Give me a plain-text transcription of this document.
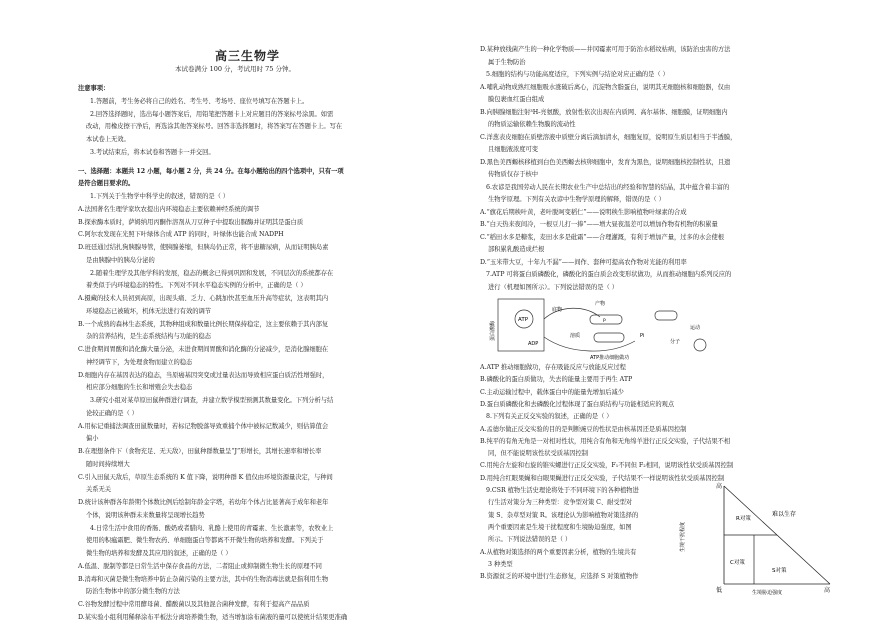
高三生物学
本试卷满分 100 分，考试用时 75 分钟。
注意事项：
1.答题前，考生务必将自己的姓名、考生号、考场号、座位号填写在答题卡上。
2.回答选择题时，选出每小题答案后，用铅笔把答题卡上对应题目的答案标号涂黑。如需
改动，用橡皮擦干净后，再选涂其他答案标号。回答非选择题时，将答案写在答题卡上。写在
本试卷上无效。
3.考试结束后，将本试卷和答题卡一并交回。
一、选择题：本题共 12 小题，每小题 2 分，共 24 分。在每小题给出的四个选项中，只有一项
是符合题目要求的。
1.下列关于生物学中科学史的叙述，错误的是（ ）
A.法国著名生理学家坎农提出内环境稳态主要依赖神经系统的调节
B.探索酶本质时，萨姆纳用丙酮作溶剂从刀豆种子中提取出脲酶并证明其是蛋白质
C.阿尔农发现在光照下叶绿体合成 ATP 的同时，叶绿体也能合成 NADPH
D.班廷通过结扎狗胰腺导管，使胰腺萎缩，但胰岛仍正常，将不患糖尿病，从而证明胰岛素
是由胰腺中的胰岛分泌的
2.随着生理学及其他学科的发展，稳态的概念已得到巩固和发展，不同层次的系统都存在
着类似于内环境稳态的特性。下列对不同水平稳态实例的分析中，正确的是（ ）
A.摄藏的技术人员初到高原，出现头痛、乏力、心跳加快甚至血压升高等症状，这表明其内
环境稳态已被破坏，机体无法进行有效的调节
B.一个成熟的森林生态系统，其物种组成和数量比例长期保持稳定，这主要依赖于其内部复
杂的营养结构，是生态系统结构与功能的稳态
C.进食期间胃酸和消化酶大量分泌，未进食期间胃酸和消化酶的分泌减少，是消化腺细胞在
神经调节下，为处理食物而建立的稳态
D.细胞内存在基因表达的稳态，当原癌基因突变或过量表达而导致相应蛋白质活性增强时，
相应部分细胞的生长和增殖会失去稳态
3.研究小组对某草原田鼠种群进行调查，并建立数学模型预测其数量变化。下列分析与结
论较正确的是（ ）
A.用标记重捕法调查田鼠数量时，若标记物脱落导致重捕个体中被标记数减少，则估算值会
偏小
B.在理想条件下（食物充足、无天敌），田鼠种群数量呈“J”形增长，其增长速率和增长率
随时间持续增大
C.引入田鼠天敌后，草原生态系统的 K 值下降，说明种群 K 值仅由环境资源量决定，与种间
关系无关
D.统计该种群各年龄期个体数比例后绘制年龄金字塔，若幼年个体占比显著高于成年和老年
个体，说明该种群未来数量将呈现增长趋势
4.日常生活中食用的香肠、酸奶或者腊肉、乳酪上使用的青霉素、生长激素等，农牧业上
使用的积瘟霜肥、微生物农药、单细胞蛋白等都离不开微生物的培养和发酵。下列关于
微生物的培养和发酵及其应用的叙述，正确的是（ ）
A.低温、脱制等都是日常生活中保存食品的方法，二者阻止或抑制微生物生长的原理不同
B.消毒和灭菌是微生物培养中防止杂菌污染的主要方法，其中的生物消毒法就是指利用生物
防治生物体中的部分微生物的方法
C.谷物发酵过程中常用酵母菌、醋酸菌以及其他混合菌种发酵，有利于提高产品品质
D.某实验小组利用稀释涂布平板法分离培养微生物，适当增加涂布菌液的量可以使统计结果更准确
D.某种放线菌产生的一种化学物质——井冈霉素可用于防治水稻纹枯病，该防治虫害的方法
属于生物防治
5.细胞的结构与功能高度适应，下列实例与结论对应正确的是（ ）
A.哺乳动物成熟红细胞吸水涨破后离心，沉淀物含脂蛋白，说明其无细胞核和细胞器，仅由
膜包裹血红蛋白组成
B.向胰腺细胞注射³H-亮氨酸，放射性依次出现在内质网、高尔基体、细胞膜，证明细胞内
的物质运输依赖生物膜的流动性
C.洋葱表皮细胞在质壁溶液中质壁分离后滴加清水，细胞复原，说明原生质层相当于半透膜，
且细胞液浓度可变
D.黑色美西螈核移植到白色美西螈去核卵细胞中，发育为黑色，说明细胞核控制性状，且遗
传物质仅存于核中
6.农谚是我国劳动人民在长期农业生产中总结出的经验和智慧的结晶，其中蕴含着丰富的
生物学原理。下列有关农谚中生物学原理的解释，错误的是（ ）
A.“旗花后期秧叶黄，老叶脱呵变稻仁”——说明秧生影响植物叶绿素的合成
B.“白天热来夜间冷，一根豆儿打一捧”——增大昼夜温差可以增加作物有机物的积累量
C.“稻田水多是糖浆，麦田水多是砒霜”——合理灌溉，有利于增加产量，过多的水会使根
部积累乳酸造成烂根
D.“玉米带大豆，十年九不漏”——间作、套种可提高农作物对光能的利用率
7.ATP 可将蛋白质磷酸化，磷酸化的蛋白质会改变形状做功，从而推动细胞内系列反应的
进行（机理如图所示）。下列说法错误的是（ ）
A.ATP 推动细胞做功，存在吸能反应与放能反应过程
B.磷酸化的蛋白质做功，失去的能量主要用于再生 ATP
C.主动运输过程中，载体蛋白中的能量先增加后减少
D.蛋白质磷酸化和去磷酸化过程体现了蛋白质结构与功能相适应的观点
8.下列有关正反交实验的叙述，正确的是（ ）
A.孟德尔做正反交实验的目的是判断豌豆的性状是由核基因还是质基因控制
B.纯平的有角无角是一对相对性状，用纯合有角和无角绵羊进行正反交实验，子代结果不相
同，但不能说明该性状受质基因控制
C.用纯合左旋和右旋的锥实螺进行正反交实验，F₁不同但 F₂相同，说明该性状受质基因控制
D.用纯合红眼果蝇和白眼果蝇进行正反交实验，子代结果不一样说明该性状受质基因控制
9.CSR 植物生活史理论将处于不同环境下的各种植物进
行生活对策分为三种类型：竞争型对策 C、耐受型对
策 S、杂草型对策 R。该理论认为影响植物对策选择的
两个重要因素是生境干扰程度和生境胁迫强度，如图
所示。下列说法错误的是（ ）
A.从植物对策选择的两个重要因素分析，植物的生境共有
3 种类型
B.资源贫乏的环境中进行生态修复，应选择 S 对策植物作
蛋白激酶
ATP
ADP
产物
底物
P
溶质	Pi
运动
分子
ATP推动细胞做功
高
低	高
生境干扰程度
生境胁迫强度
难以生存
R对策
C对策
S对策
